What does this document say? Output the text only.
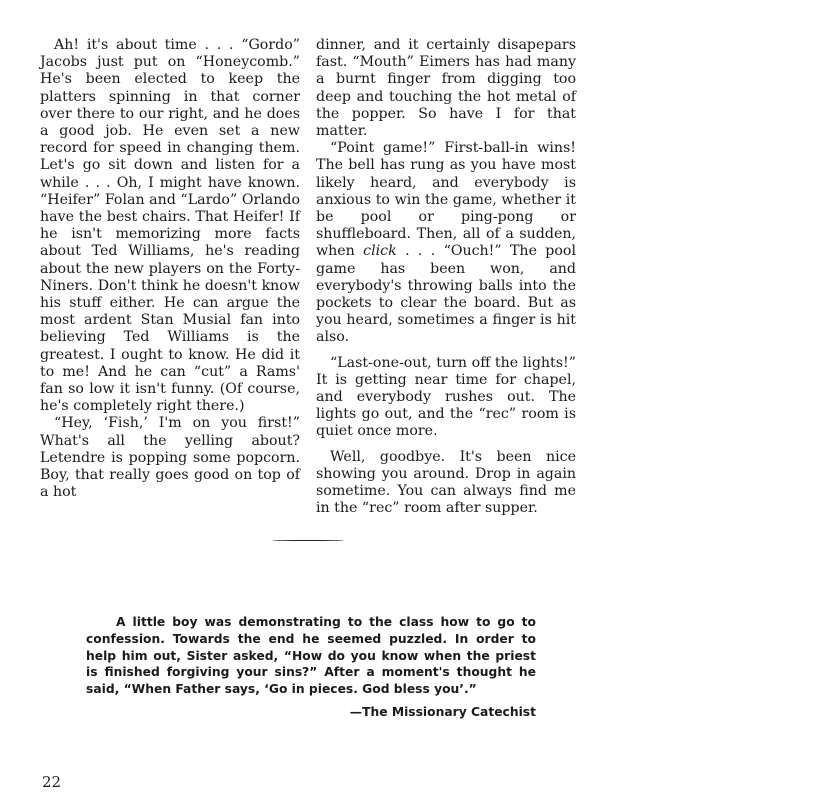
Ah! it's about time . . . “Gordo” Jacobs just put on “Honeycomb.” He's been elected to keep the platters spinning in that corner over there to our right, and he does a good job. He even set a new record for speed in changing them. Let's go sit down and listen for a while . . . Oh, I might have known. “Heifer” Folan and “Lardo” Orlando have the best chairs. That Heifer! If he isn't memorizing more facts about Ted Williams, he's reading about the new players on the Forty-Niners. Don't think he doesn't know his stuff either. He can argue the most ardent Stan Musial fan into believing Ted Williams is the greatest. I ought to know. He did it to me! And he can “cut” a Rams' fan so low it isn't funny. (Of course, he's completely right there.)

“Hey, ‘Fish,’ I'm on you first!” What's all the yelling about? Letendre is popping some popcorn. Boy, that really goes good on top of a hot

dinner, and it certainly disapepars fast. “Mouth” Eimers has had many a burnt finger from digging too deep and touching the hot metal of the popper. So have I for that matter.

“Point game!” First-ball-in wins! The bell has rung as you have most likely heard, and everybody is anxious to win the game, whether it be pool or ping-pong or shuffleboard. Then, all of a sudden, when click . . . “Ouch!” The pool game has been won, and everybody's throwing balls into the pockets to clear the board. But as you heard, sometimes a finger is hit also.

“Last-one-out, turn off the lights!” It is getting near time for chapel, and everybody rushes out. The lights go out, and the “rec” room is quiet once more.

Well, goodbye. It's been nice showing you around. Drop in again sometime. You can always find me in the “rec” room after supper.

A little boy was demonstrating to the class how to go to confession. Towards the end he seemed puzzled. In order to help him out, Sister asked, “How do you know when the priest is finished forgiving your sins?” After a moment's thought he said, “When Father says, ‘Go in pieces. God bless you’.”

—The Missionary Catechist
22
